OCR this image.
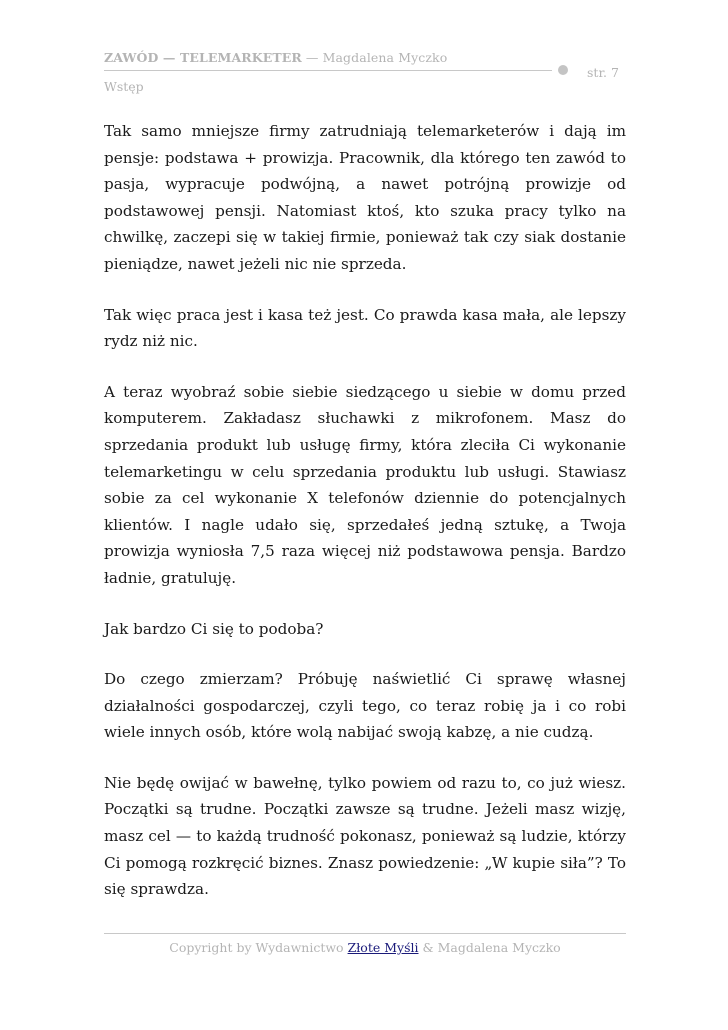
ZAWÓD — TELEMARKETER — Magdalena Myczko
str. 7
Wstęp

Tak samo mniejsze firmy zatrudniają telemarketerów i dają im pensje: podstawa + prowizja. Pracownik, dla którego ten zawód to pasja, wypracuje podwójną, a nawet potrójną prowizje od podstawowej pensji. Natomiast ktoś, kto szuka pracy tylko na chwilkę, zaczepi się w takiej firmie, ponieważ tak czy siak dostanie pieniądze, nawet jeżeli nic nie sprzeda.

Tak więc praca jest i kasa też jest. Co prawda kasa mała, ale lepszy rydz niż nic.

A teraz wyobraź sobie siebie siedzącego u siebie w domu przed komputerem. Zakładasz słuchawki z mikrofonem. Masz do sprzedania produkt lub usługę firmy, która zleciła Ci wykonanie telemarketingu w celu sprzedania produktu lub usługi. Stawiasz sobie za cel wykonanie X telefonów dziennie do potencjalnych klientów. I nagle udało się, sprzedałeś jedną sztukę, a Twoja prowizja wyniosła 7,5 raza więcej niż podstawowa pensja. Bardzo ładnie, gratuluję.

Jak bardzo Ci się to podoba?

Do czego zmierzam? Próbuję naświetlić Ci sprawę własnej działalności gospodarczej, czyli tego, co teraz robię ja i co robi wiele innych osób, które wolą nabijać swoją kabzę, a nie cudzą.

Nie będę owijać w bawełnę, tylko powiem od razu to, co już wiesz. Początki są trudne. Początki zawsze są trudne. Jeżeli masz wizję, masz cel — to każdą trudność pokonasz, ponieważ są ludzie, którzy Ci pomogą rozkręcić biznes. Znasz powiedzenie: „W kupie siła”? To się sprawdza.

Copyright by Wydawnictwo Złote Myśli & Magdalena Myczko
